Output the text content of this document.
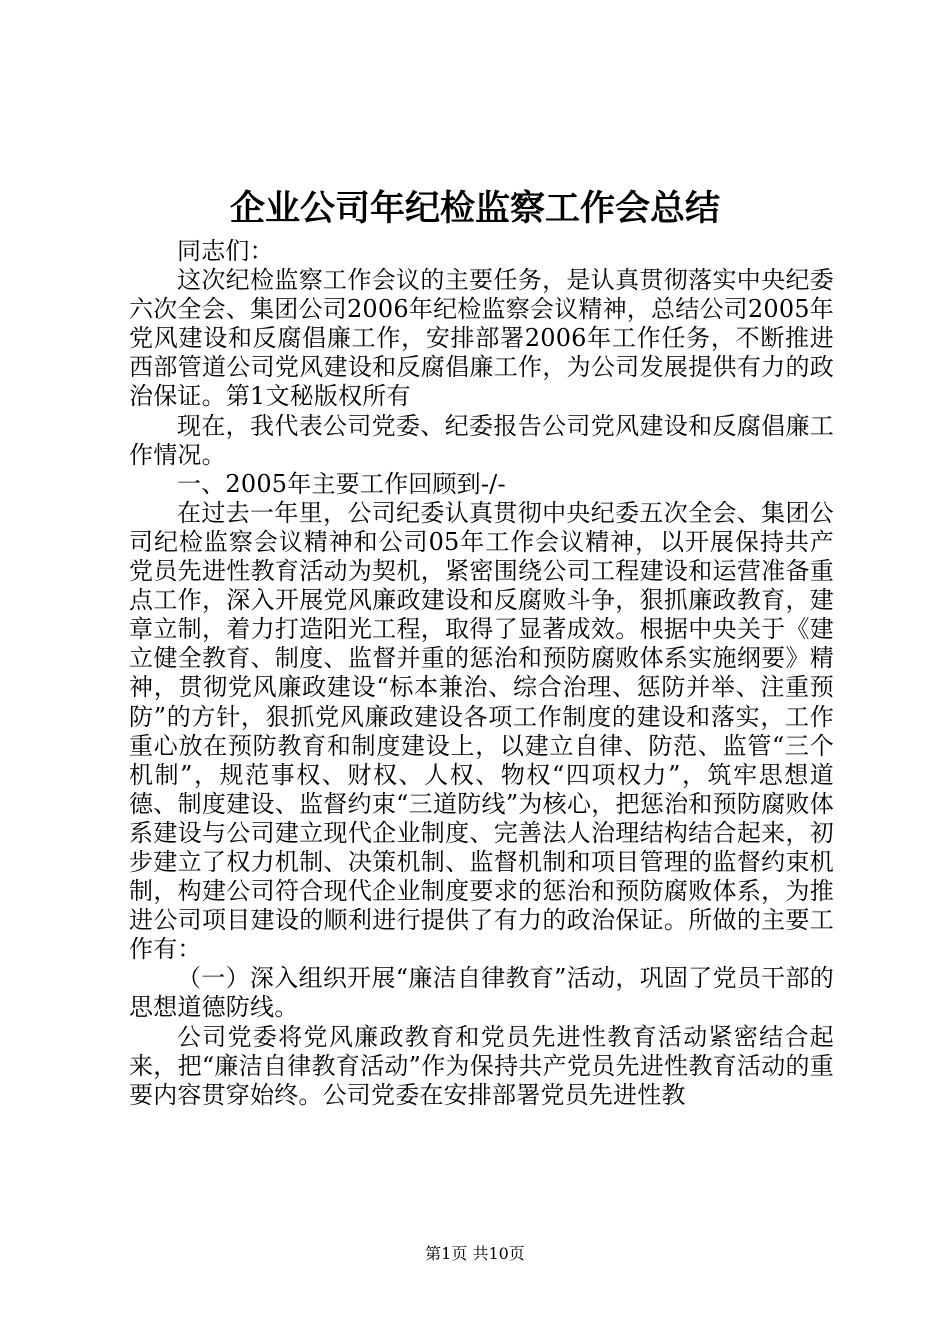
企业公司年纪检监察工作会总结

同志们：

这次纪检监察工作会议的主要任务，是认真贯彻落实中央纪委六次全会、集团公司2006年纪检监察会议精神，总结公司2005年党风建设和反腐倡廉工作，安排部署2006年工作任务，不断推进西部管道公司党风建设和反腐倡廉工作，为公司发展提供有力的政治保证。第1文秘版权所有

现在，我代表公司党委、纪委报告公司党风建设和反腐倡廉工作情况。

一、2005年主要工作回顾到-/-

在过去一年里，公司纪委认真贯彻中央纪委五次全会、集团公司纪检监察会议精神和公司05年工作会议精神，以开展保持共产党员先进性教育活动为契机，紧密围绕公司工程建设和运营准备重点工作，深入开展党风廉政建设和反腐败斗争，狠抓廉政教育，建章立制，着力打造阳光工程，取得了显著成效。根据中央关于《建立健全教育、制度、监督并重的惩治和预防腐败体系实施纲要》精神，贯彻党风廉政建设“标本兼治、综合治理、惩防并举、注重预防”的方针，狠抓党风廉政建设各项工作制度的建设和落实，工作重心放在预防教育和制度建设上，以建立自律、防范、监管“三个机制”，规范事权、财权、人权、物权“四项权力”，筑牢思想道德、制度建设、监督约束“三道防线”为核心，把惩治和预防腐败体系建设与公司建立现代企业制度、完善法人治理结构结合起来，初步建立了权力机制、决策机制、监督机制和项目管理的监督约束机制，构建公司符合现代企业制度要求的惩治和预防腐败体系，为推进公司项目建设的顺利进行提供了有力的政治保证。所做的主要工作有：

（一）深入组织开展“廉洁自律教育”活动，巩固了党员干部的思想道德防线。

公司党委将党风廉政教育和党员先进性教育活动紧密结合起来，把“廉洁自律教育活动”作为保持共产党员先进性教育活动的重要内容贯穿始终。公司党委在安排部署党员先进性教

第1页 共10页
